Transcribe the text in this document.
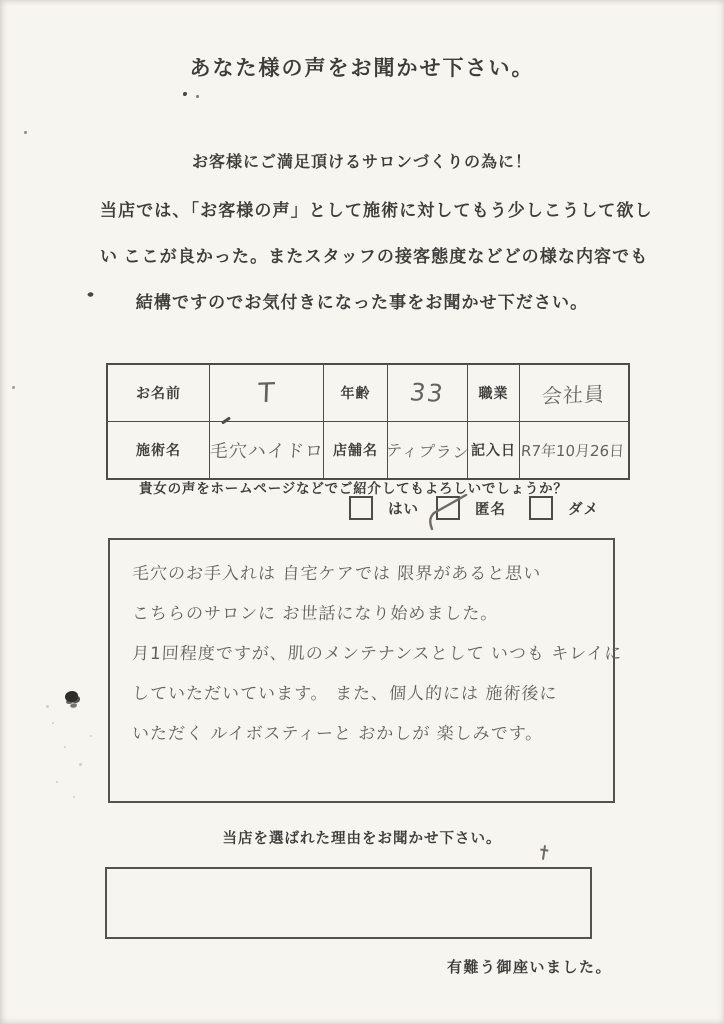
あなた様の声をお聞かせ下さい。
お客様にご満足頂けるサロンづくりの為に！
当店では、「お客様の声」として施術に対してもう少しこうして欲し
い ここが良かった。またスタッフの接客態度などどの様な内容でも
結構ですのでお気付きになった事をお聞かせ下ださい。
お名前	T	年齢 33 職業 会社員
施術名 毛穴ハイドロ 店舗名 ティプラン 記入日 R7年10月26日
貴女の声をホームページなどでご紹介してもよろしいでしょうか？
はい	匿名	ダメ
毛穴のお手入れは 自宅ケアでは 限界があると思い
こちらのサロンに お世話になり始めました。
月1回程度ですが、肌のメンテナンスとして いつも キレイに
していただいています。 また、個人的には 施術後に
いただく ルイボスティーと おかしが 楽しみです。
当店を選ばれた理由をお聞かせ下さい。
有難う御座いました。
